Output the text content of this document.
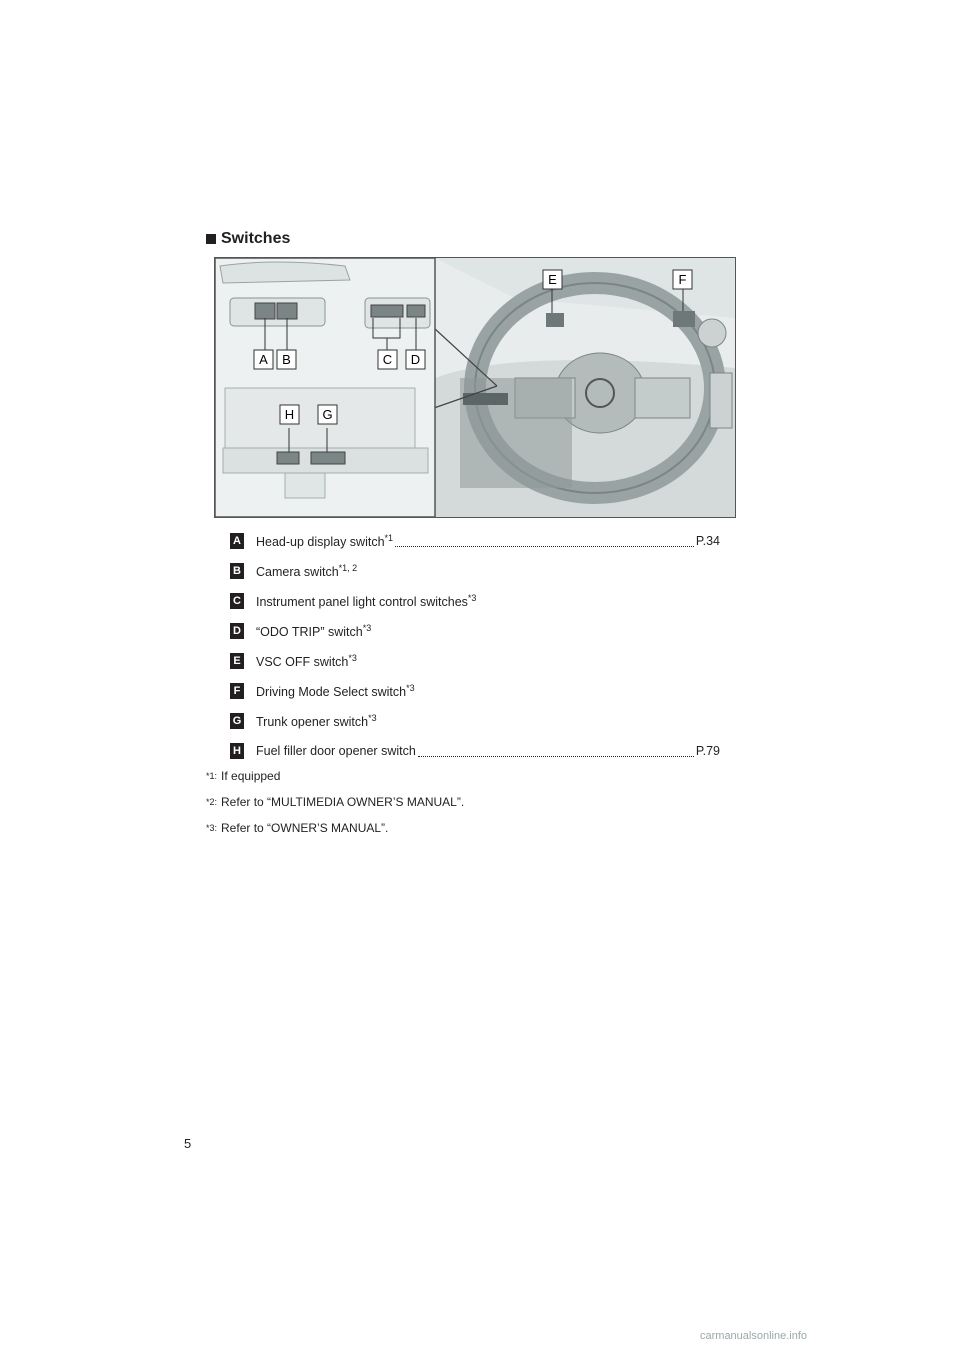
Switches
A B	C D
E	F
G
H
A Head-up display switch$^{*1}$	P.34
B Camera switch$^{*1, 2}$
C Instrument panel light control switches$^{*3}$
D “ODO TRIP” switch$^{*3}$
E VSC OFF switch$^{*3}$
F Driving Mode Select switch$^{*3}$
G Trunk opener switch$^{*3}$
H Fuel filler door opener switch	P.79
*1: If equipped
*2: Refer to “MULTIMEDIA OWNER’S MANUAL”.
*3: Refer to “OWNER’S MANUAL”.
5
carmanualsonline.info
